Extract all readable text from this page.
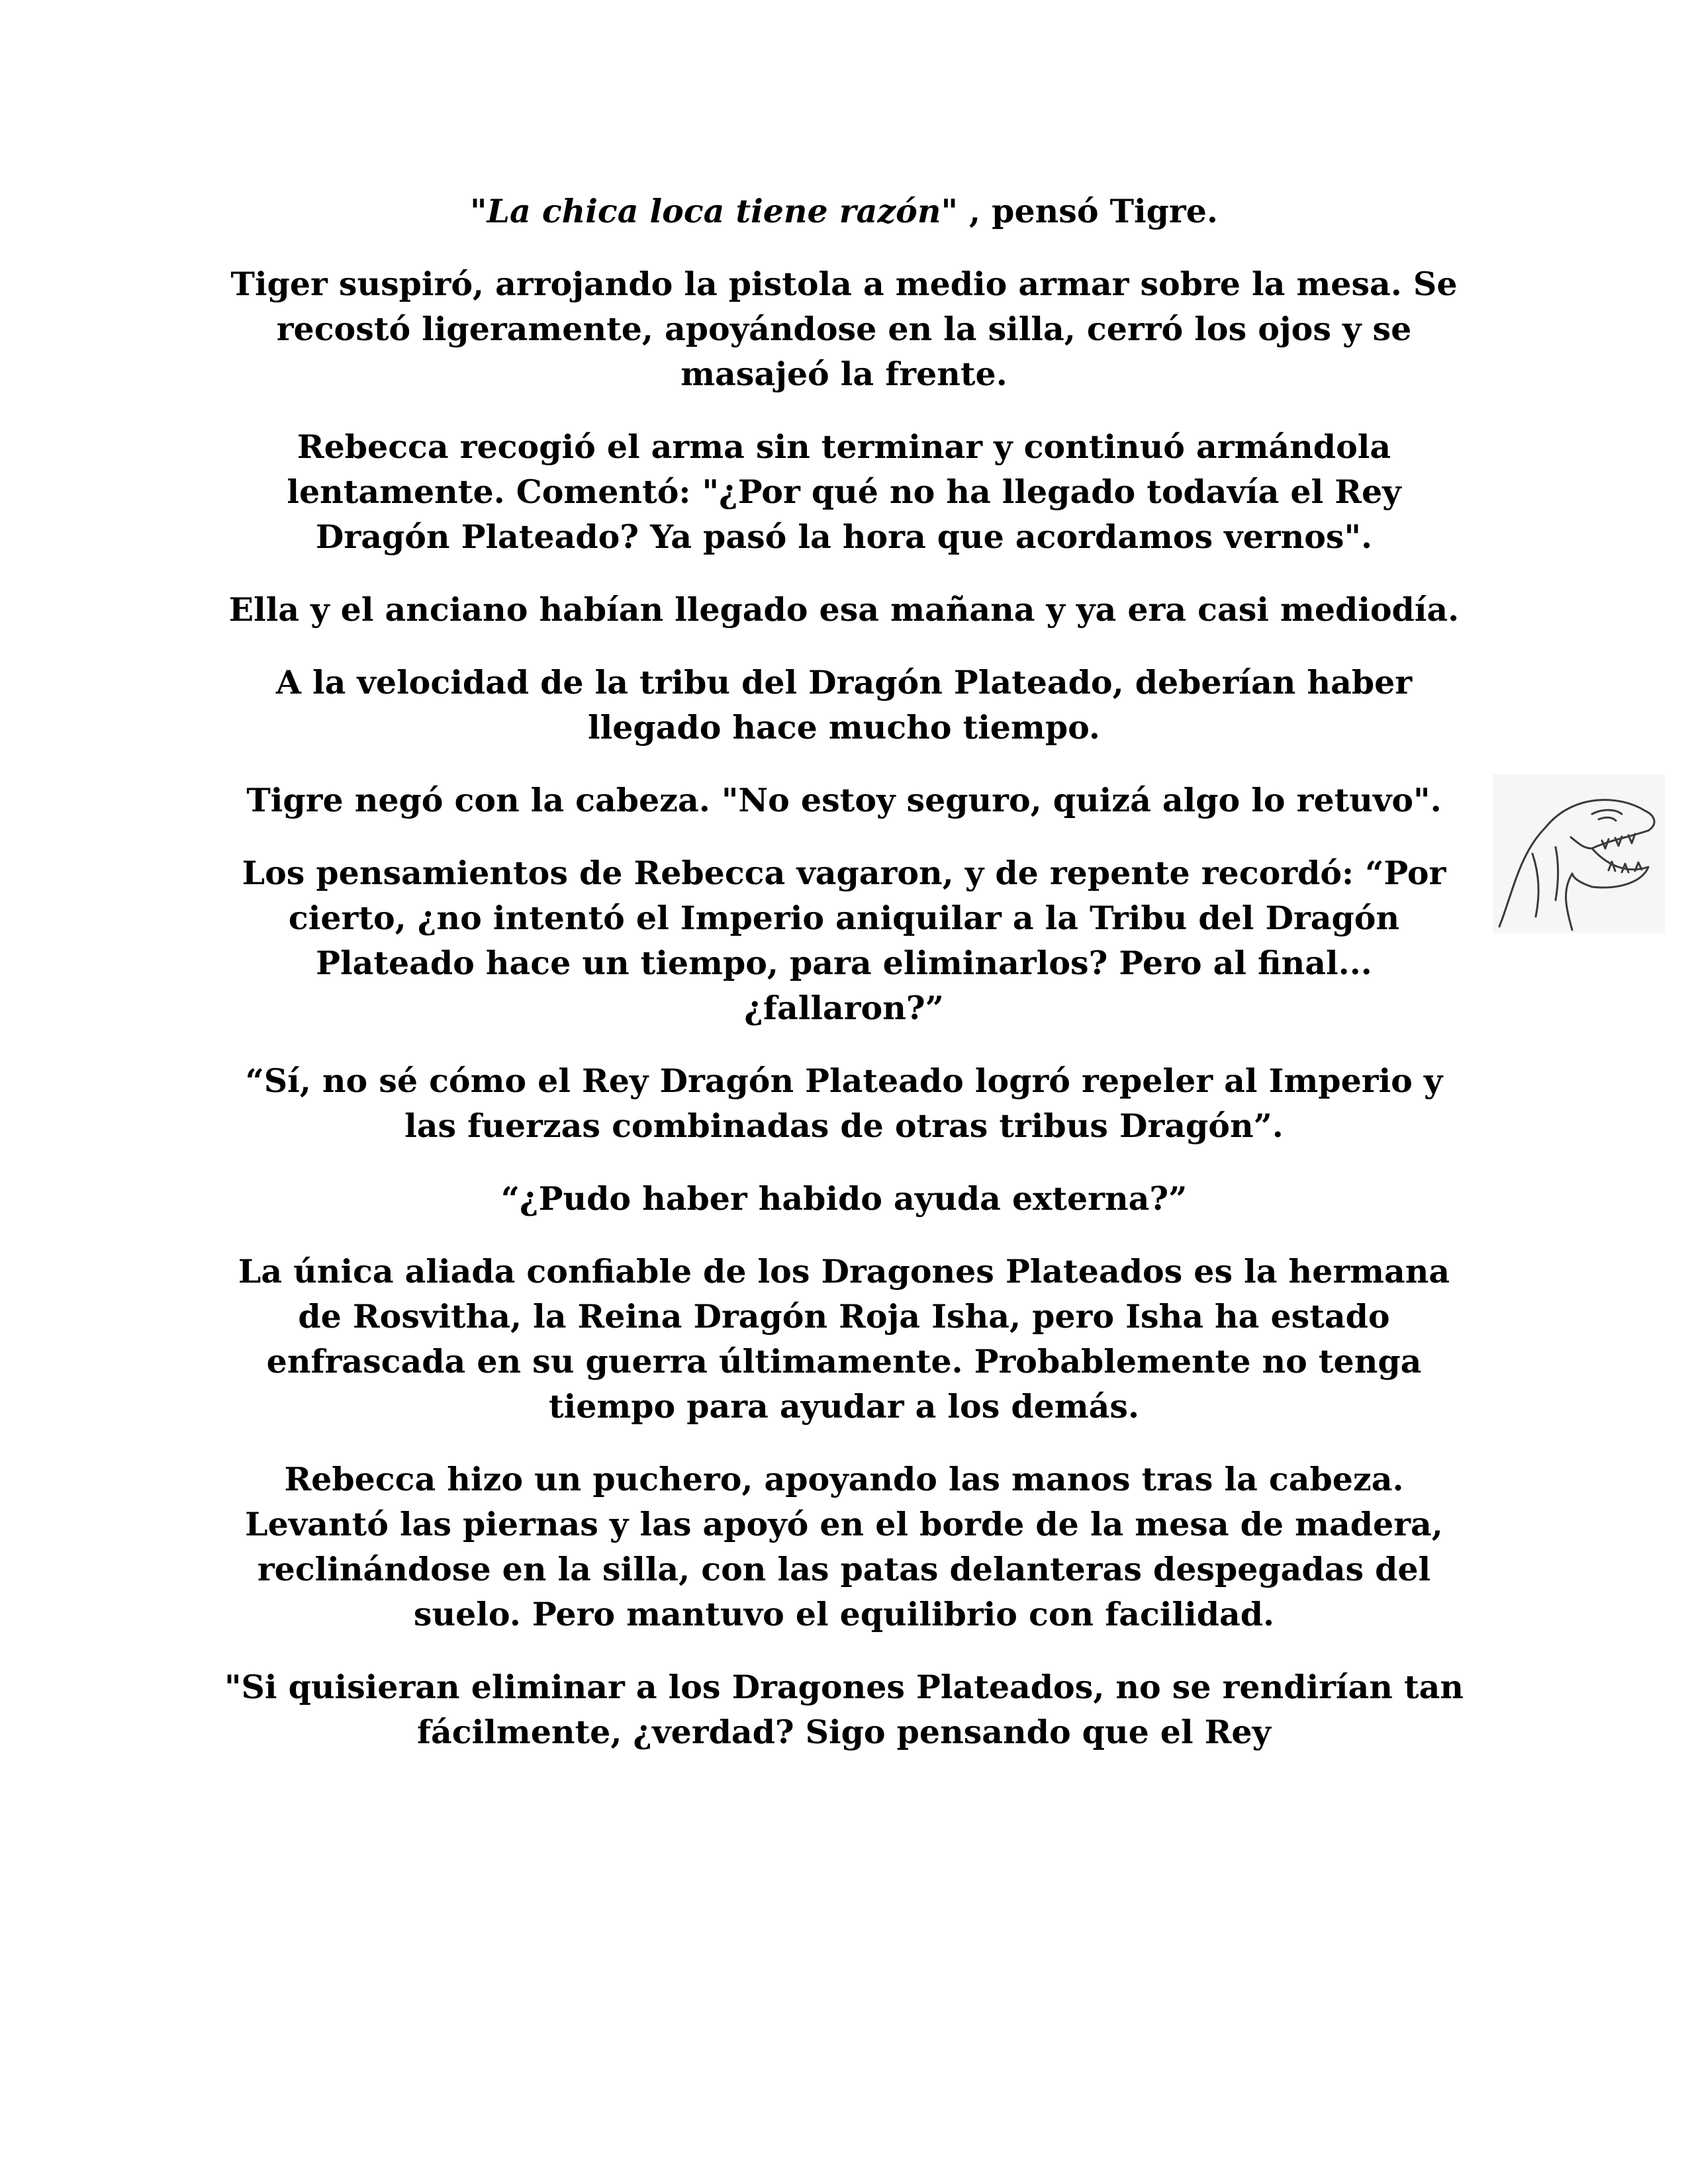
"La chica loca tiene razón" , pensó Tigre.

Tiger suspiró, arrojando la pistola a medio armar sobre la mesa. Se recostó ligeramente, apoyándose en la silla, cerró los ojos y se masajeó la frente.

Rebecca recogió el arma sin terminar y continuó armándola lentamente. Comentó: "¿Por qué no ha llegado todavía el Rey Dragón Plateado? Ya pasó la hora que acordamos vernos".

Ella y el anciano habían llegado esa mañana y ya era casi mediodía.

A la velocidad de la tribu del Dragón Plateado, deberían haber llegado hace mucho tiempo.

Tigre negó con la cabeza. "No estoy seguro, quizá algo lo retuvo".

Los pensamientos de Rebecca vagaron, y de repente recordó: “Por cierto, ¿no intentó el Imperio aniquilar a la Tribu del Dragón Plateado hace un tiempo, para eliminarlos? Pero al final... ¿fallaron?”

“Sí, no sé cómo el Rey Dragón Plateado logró repeler al Imperio y las fuerzas combinadas de otras tribus Dragón”.

“¿Pudo haber habido ayuda externa?”

La única aliada confiable de los Dragones Plateados es la hermana de Rosvitha, la Reina Dragón Roja Isha, pero Isha ha estado enfrascada en su guerra últimamente. Probablemente no tenga tiempo para ayudar a los demás.

Rebecca hizo un puchero, apoyando las manos tras la cabeza. Levantó las piernas y las apoyó en el borde de la mesa de madera, reclinándose en la silla, con las patas delanteras despegadas del suelo. Pero mantuvo el equilibrio con facilidad.

"Si quisieran eliminar a los Dragones Plateados, no se rendirían tan fácilmente, ¿verdad? Sigo pensando que el Rey
